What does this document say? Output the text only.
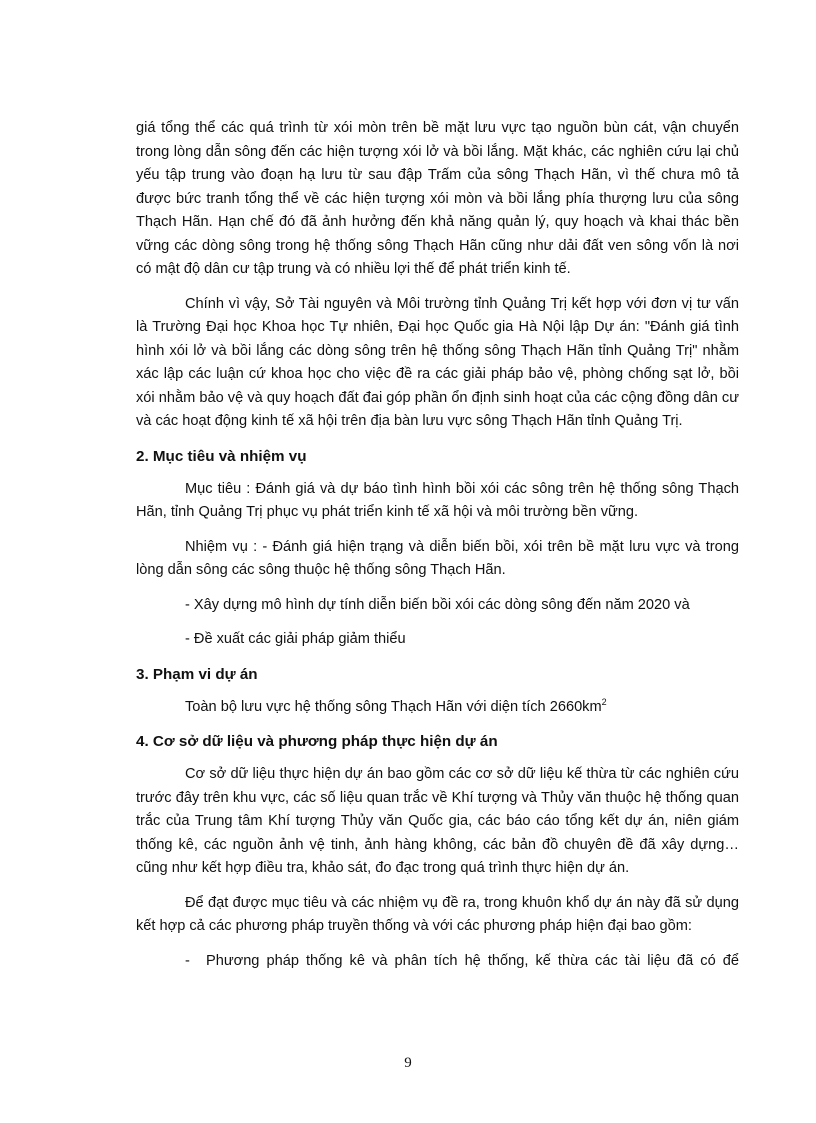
giá tổng thể các quá trình từ xói mòn trên bề mặt lưu vực tạo nguồn bùn cát, vận chuyển trong lòng dẫn sông đến các hiện tượng xói lở và bồi lắng. Mặt khác, các nghiên cứu lại chủ yếu tập trung vào đoạn hạ lưu từ sau đập Trấm của sông Thạch Hãn, vì thế chưa mô tả được bức tranh tổng thể về các hiện tượng xói mòn và bồi lắng phía thượng lưu của sông Thạch Hãn. Hạn chế đó đã ảnh hưởng đến khả năng quản lý, quy hoạch và khai thác bền vững các dòng sông trong hệ thống sông Thạch Hãn cũng như dải đất ven sông vốn là nơi có mật độ dân cư tập trung và có nhiều lợi thế để phát triển kinh tế.

Chính vì vậy, Sở Tài nguyên và Môi trường tỉnh Quảng Trị kết hợp với đơn vị tư vấn là Trường Đại học Khoa học Tự nhiên, Đại học Quốc gia Hà Nội lập Dự án: "Đánh giá tình hình xói lở và bồi lắng các dòng sông trên hệ thống sông Thạch Hãn tỉnh Quảng Trị" nhằm xác lập các luận cứ khoa học cho việc đề ra các giải pháp bảo vệ, phòng chống sạt lở, bồi xói nhằm bảo vệ và quy hoạch đất đai góp phần ổn định sinh hoạt của các cộng đồng dân cư và các hoạt động kinh tế xã hội trên địa bàn lưu vực sông Thạch Hãn tỉnh Quảng Trị.

2. Mục tiêu và nhiệm vụ

Mục tiêu : Đánh giá và dự báo tình hình bồi xói các sông trên hệ thống sông Thạch Hãn, tỉnh Quảng Trị phục vụ phát triển kinh tế xã hội và môi trường bền vững.

Nhiệm vụ : - Đánh giá hiện trạng và diễn biến bồi, xói trên bề mặt lưu vực và trong lòng dẫn sông các sông thuộc hệ thống sông Thạch Hãn.

- Xây dựng mô hình dự tính diễn biến bồi xói các dòng sông đến năm 2020 và
- Đề xuất các giải pháp giảm thiểu
3. Phạm vi dự án
Toàn bộ lưu vực hệ thống sông Thạch Hãn với diện tích $2660km^2$
4. Cơ sở dữ liệu và phương pháp thực hiện dự án

Cơ sở dữ liệu thực hiện dự án bao gồm các cơ sở dữ liệu kế thừa từ các nghiên cứu trước đây trên khu vực, các số liệu quan trắc về Khí tượng và Thủy văn thuộc hệ thống quan trắc của Trung tâm Khí tượng Thủy văn Quốc gia, các báo cáo tổng kết dự án, niên giám thống kê, các nguồn ảnh vệ tinh, ảnh hàng không, các bản đồ chuyên đề đã xây dựng… cũng như kết hợp điều tra, khảo sát, đo đạc trong quá trình thực hiện dự án.

Để đạt được mục tiêu và các nhiệm vụ đề ra, trong khuôn khổ dự án này đã sử dụng kết hợp cả các phương pháp truyền thống và với các phương pháp hiện đại bao gồm:

-	Phương pháp thống kê và phân tích hệ thống, kế thừa các tài liệu đã có để
9
